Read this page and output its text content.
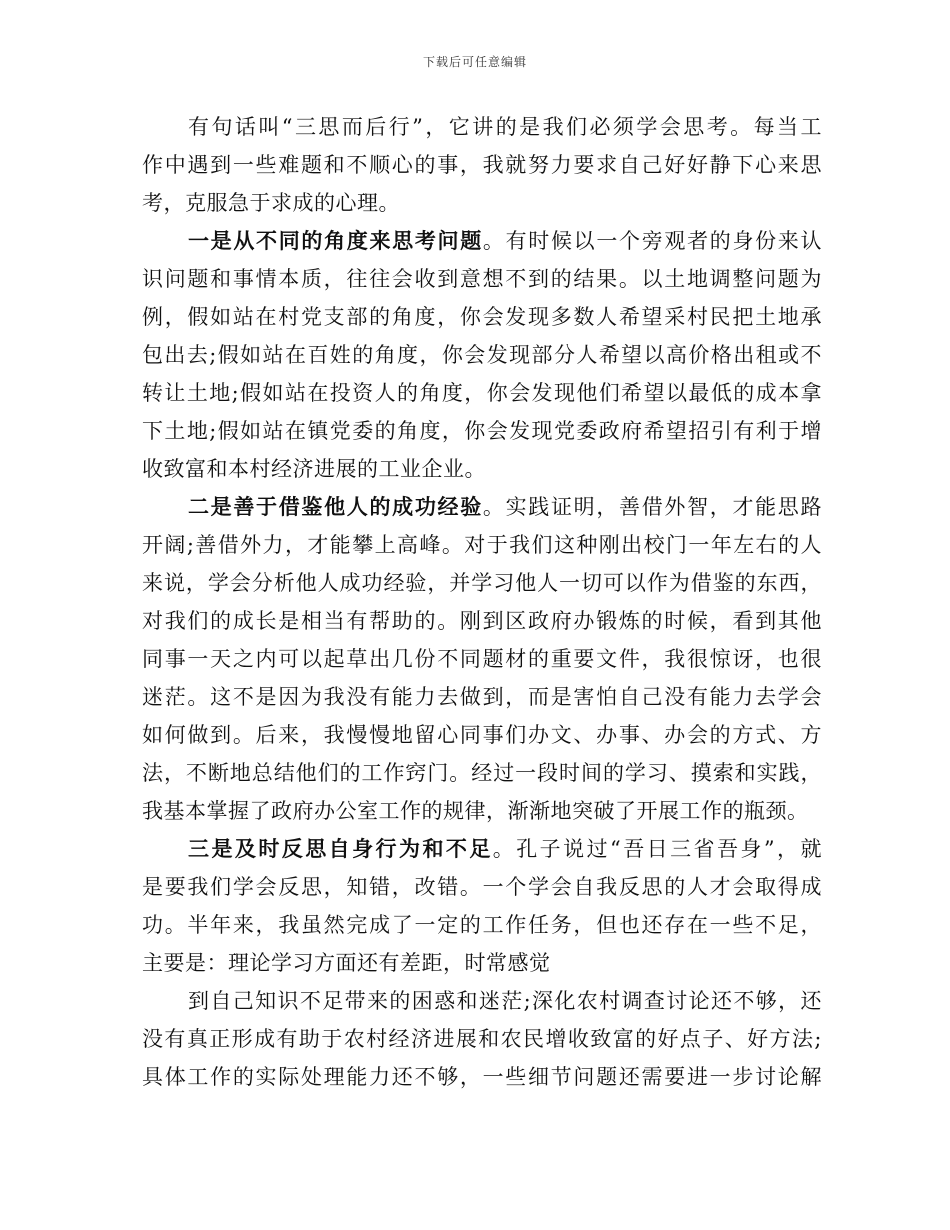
下载后可任意编辑
有句话叫“三思而后行”，它讲的是我们必须学会思考。每当工
作中遇到一些难题和不顺心的事，我就努力要求自己好好静下心来思
考，克服急于求成的心理。
一是从不同的角度来思考问题。有时候以一个旁观者的身份来认
识问题和事情本质，往往会收到意想不到的结果。以土地调整问题为
例，假如站在村党支部的角度，你会发现多数人希望采村民把土地承
包出去;假如站在百姓的角度，你会发现部分人希望以高价格出租或不
转让土地;假如站在投资人的角度，你会发现他们希望以最低的成本拿
下土地;假如站在镇党委的角度，你会发现党委政府希望招引有利于增
收致富和本村经济进展的工业企业。
二是善于借鉴他人的成功经验。实践证明，善借外智，才能思路
开阔;善借外力，才能攀上高峰。对于我们这种刚出校门一年左右的人
来说，学会分析他人成功经验，并学习他人一切可以作为借鉴的东西，
对我们的成长是相当有帮助的。刚到区政府办锻炼的时候，看到其他
同事一天之内可以起草出几份不同题材的重要文件，我很惊讶，也很
迷茫。这不是因为我没有能力去做到，而是害怕自己没有能力去学会
如何做到。后来，我慢慢地留心同事们办文、办事、办会的方式、方
法，不断地总结他们的工作窍门。经过一段时间的学习、摸索和实践，
我基本掌握了政府办公室工作的规律，渐渐地突破了开展工作的瓶颈。
三是及时反思自身行为和不足。孔子说过“吾日三省吾身”，就
是要我们学会反思，知错，改错。一个学会自我反思的人才会取得成
功。半年来，我虽然完成了一定的工作任务，但也还存在一些不足，
主要是：理论学习方面还有差距，时常感觉
到自己知识不足带来的困惑和迷茫;深化农村调查讨论还不够，还
没有真正形成有助于农村经济进展和农民增收致富的好点子、好方法;
具体工作的实际处理能力还不够，一些细节问题还需要进一步讨论解
